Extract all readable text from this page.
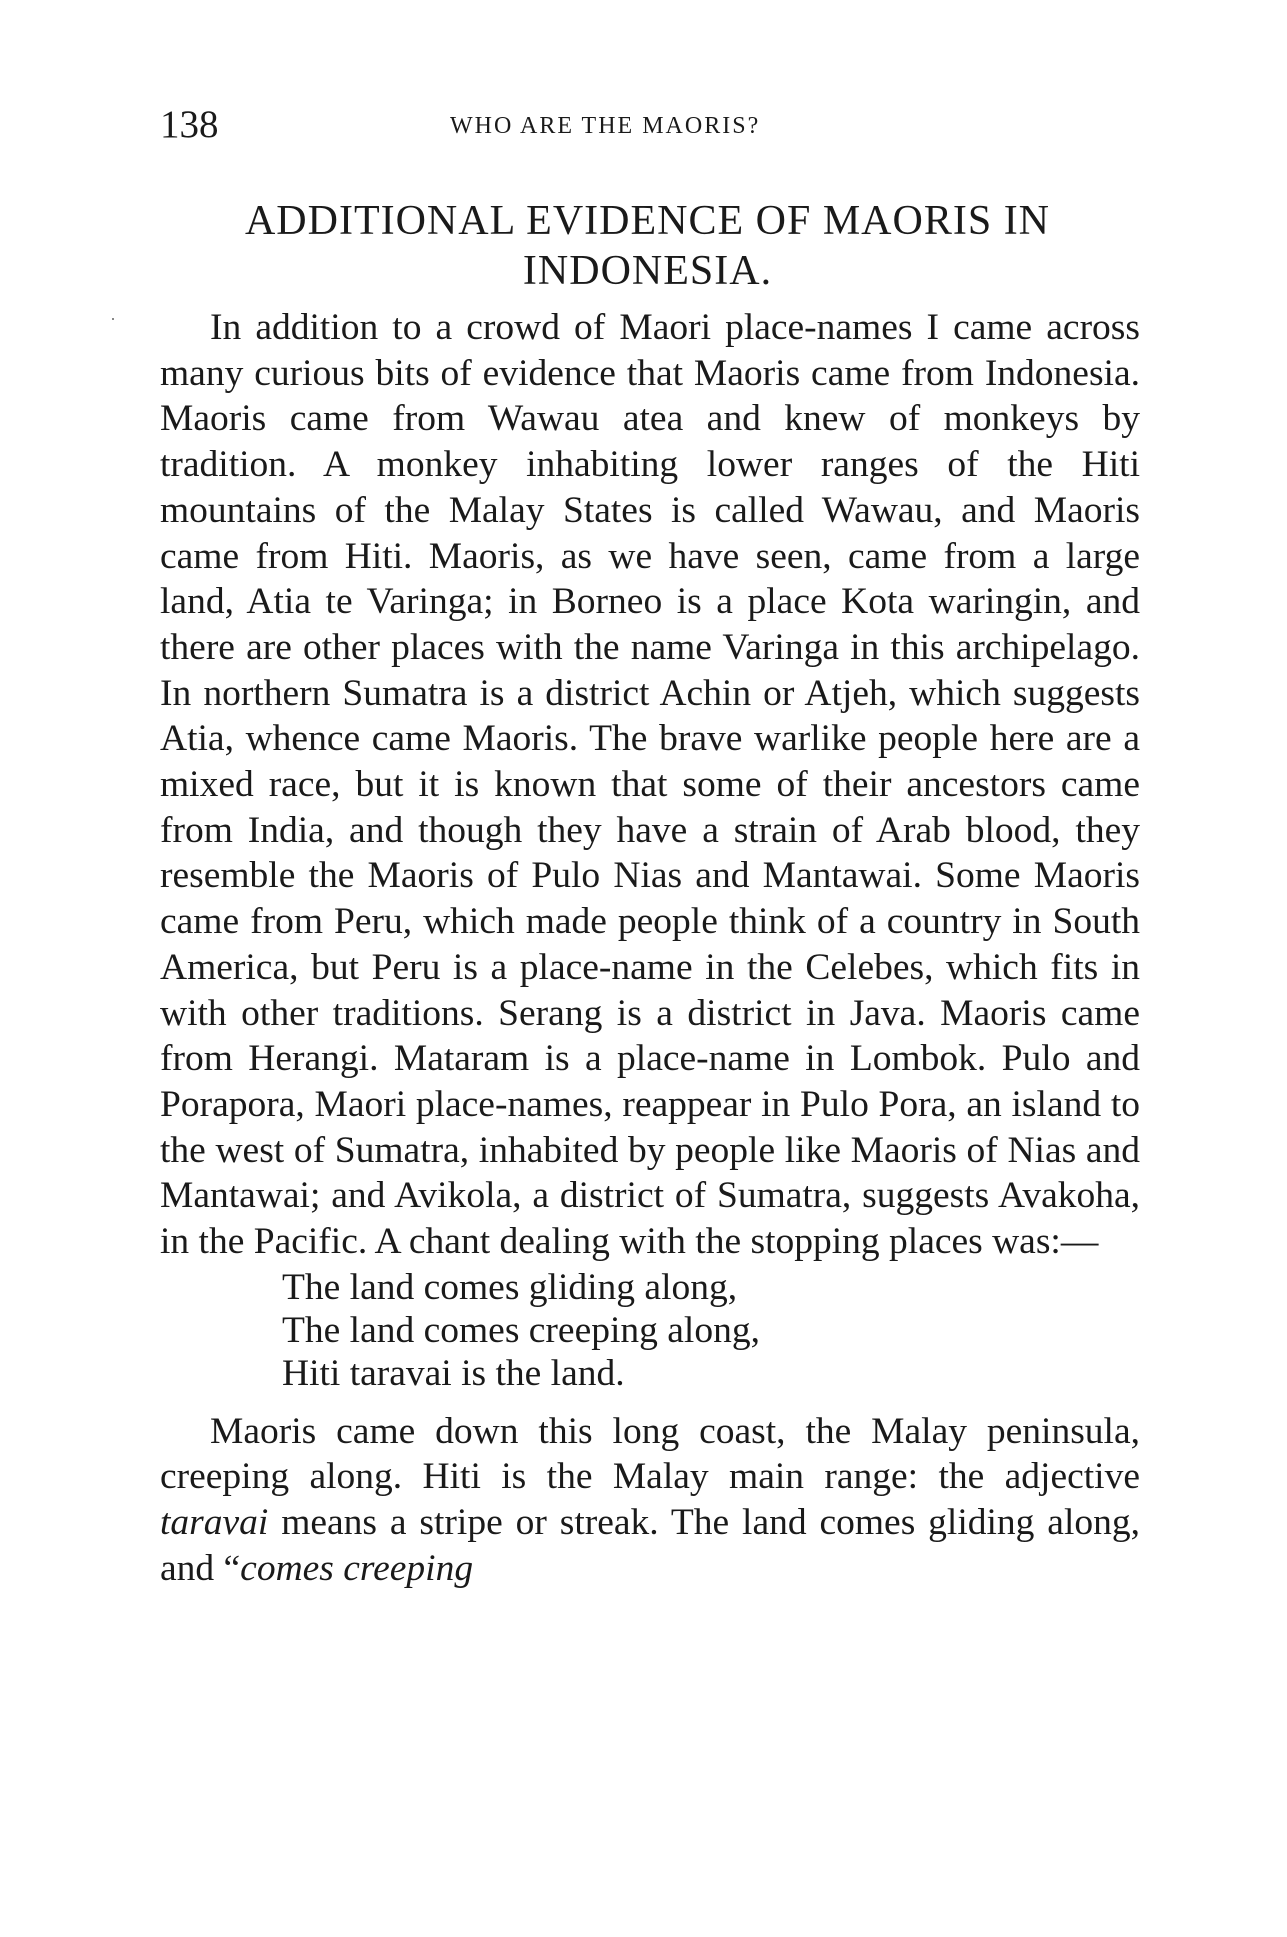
138	WHO ARE THE MAORIS?
ADDITIONAL EVIDENCE OF MAORIS IN INDONESIA.

In addition to a crowd of Maori place-names I came across many curious bits of evidence that Maoris came from Indonesia. Maoris came from Wawau atea and knew of monkeys by tradition. A monkey inhabiting lower ranges of the Hiti mountains of the Malay States is called Wawau, and Maoris came from Hiti. Maoris, as we have seen, came from a large land, Atia te Varinga; in Borneo is a place Kota waringin, and there are other places with the name Varinga in this archipelago. In northern Sumatra is a district Achin or Atjeh, which suggests Atia, whence came Maoris. The brave warlike people here are a mixed race, but it is known that some of their ancestors came from India, and though they have a strain of Arab blood, they resemble the Maoris of Pulo Nias and Mantawai. Some Maoris came from Peru, which made people think of a country in South America, but Peru is a place-name in the Celebes, which fits in with other traditions. Serang is a district in Java. Maoris came from Herangi. Mataram is a place-name in Lombok. Pulo and Porapora, Maori place-names, reappear in Pulo Pora, an island to the west of Sumatra, inhabited by people like Maoris of Nias and Mantawai; and Avikola, a district of Sumatra, suggests Avakoha, in the Pacific. A chant dealing with the stopping places was:—

The land comes gliding along,
The land comes creeping along,
Hiti taravai is the land.

Maoris came down this long coast, the Malay peninsula, creeping along. Hiti is the Malay main range: the adjective taravai means a stripe or streak. The land comes gliding along, and “comes creeping
